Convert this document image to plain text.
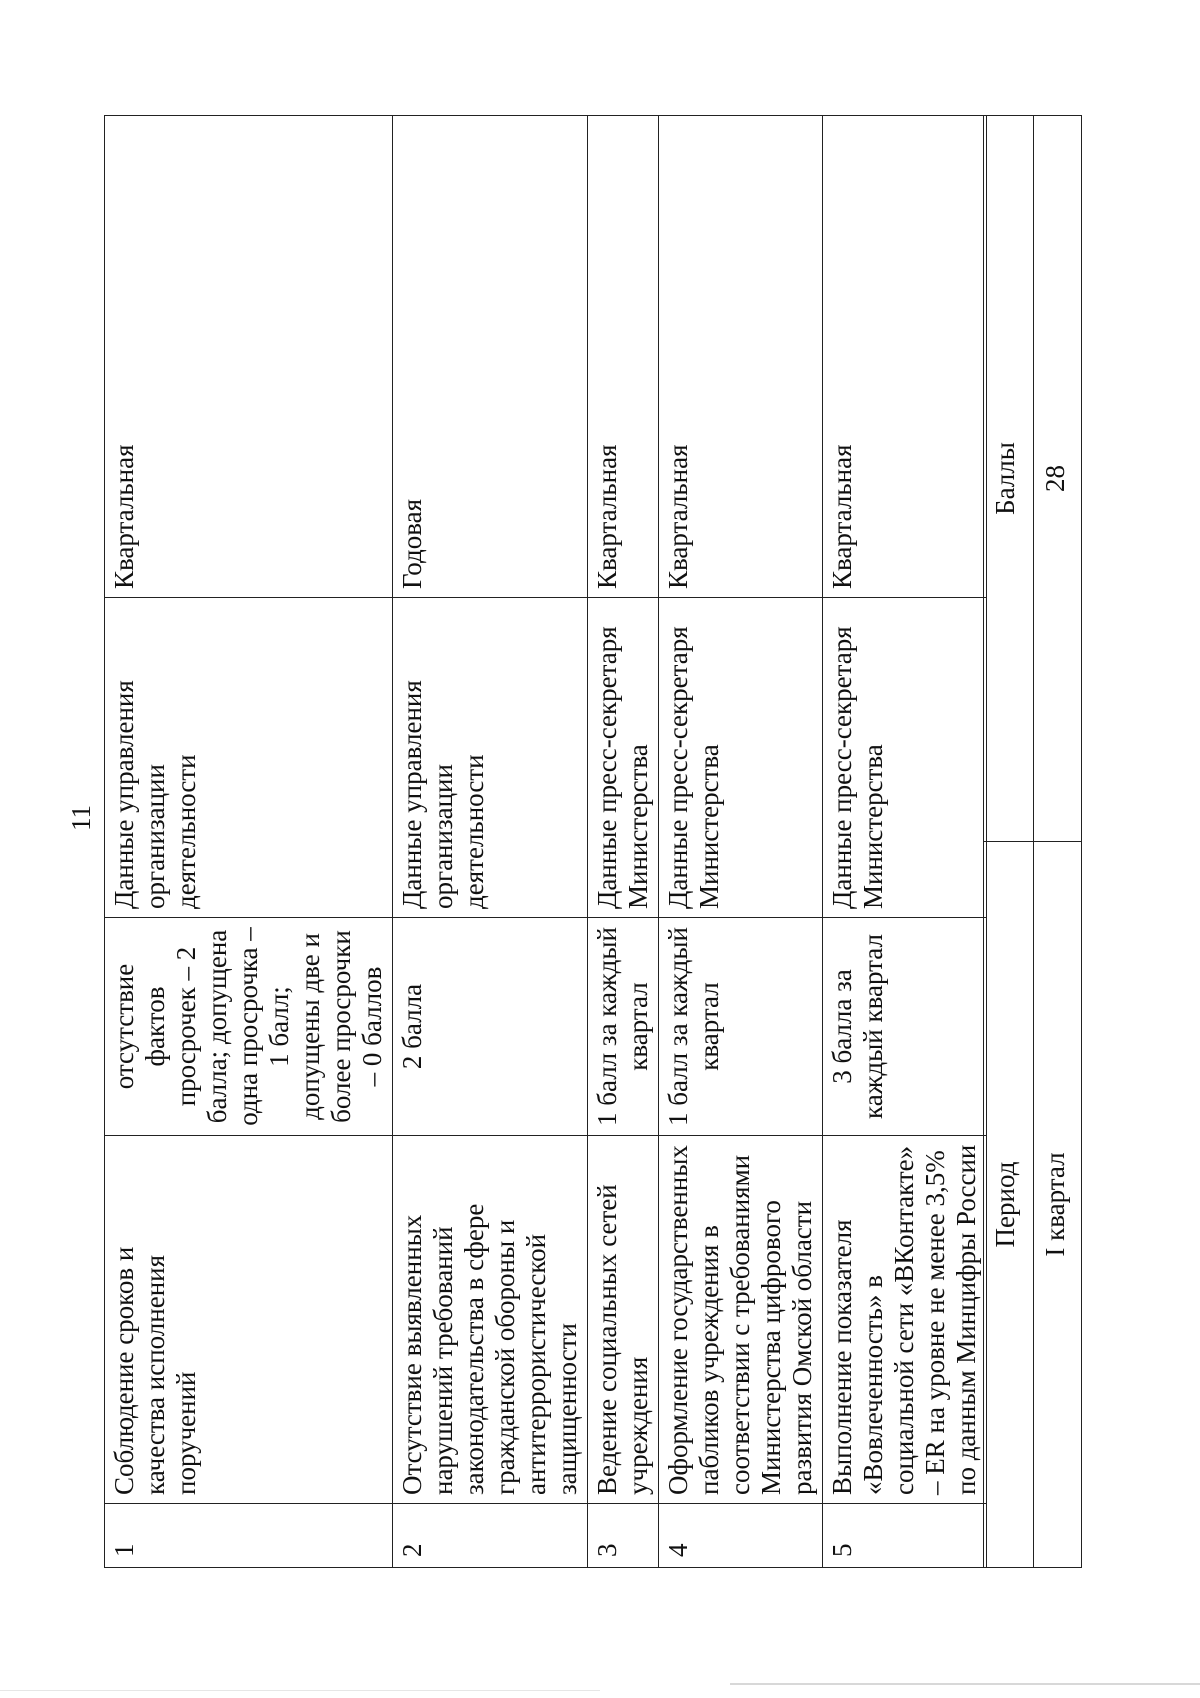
11
1	Соблюдение сроков и качества исполнения поручений	отсутствие фактов просрочек – 2 балла; допущена одна просрочка – 1 балл; допущены две и более просрочки – 0 баллов	Данные управления организации деятельности	Квартальная
2	Отсутствие выявленных нарушений требований законодательства в сфере гражданской обороны и антитеррористической защищенности	2 балла	Данные управления организации деятельности	Годовая
3	Ведение социальных сетей учреждения	1 балл за каждый квартал	Данные пресс-секретаря Министерства	Квартальная
4	Оформление государственных пабликов учреждения в соответствии с требованиями Министерства цифрового развития Омской области	1 балл за каждый квартал	Данные пресс-секретаря Министерства	Квартальная
5	Выполнение показателя «Вовлеченность» в социальной сети «ВКонтакте» – ER на уровне не менее 3,5% по данным Минцифры России	3 балла за каждый квартал	Данные пресс-секретаря Министерства	Квартальная
Период	Баллы
I квартал	28
